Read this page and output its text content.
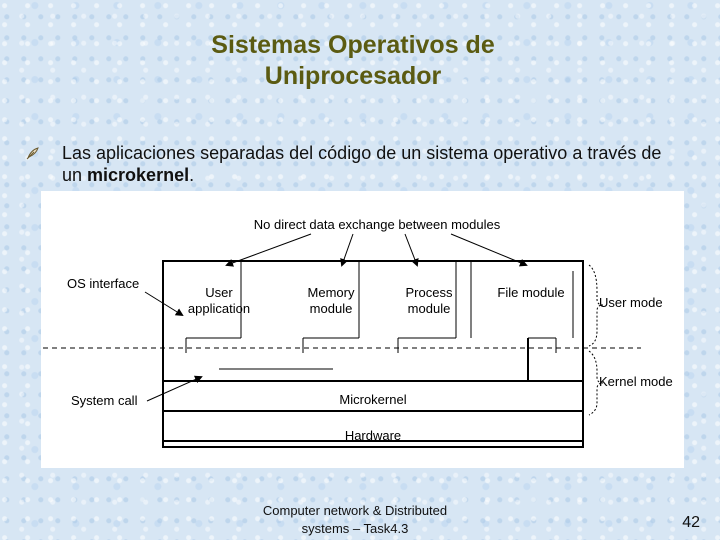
Sistemas Operativos de
Uniprocesador
Las aplicaciones separadas del código de un sistema operativo a través de un microkernel.
No direct data exchange between modules
OS interface
User
application
Memory
module
Process
module
File module
Microkernel
Hardware
System call
User mode
Kernel mode
Computer network & Distributed
systems – Task4.3	42
